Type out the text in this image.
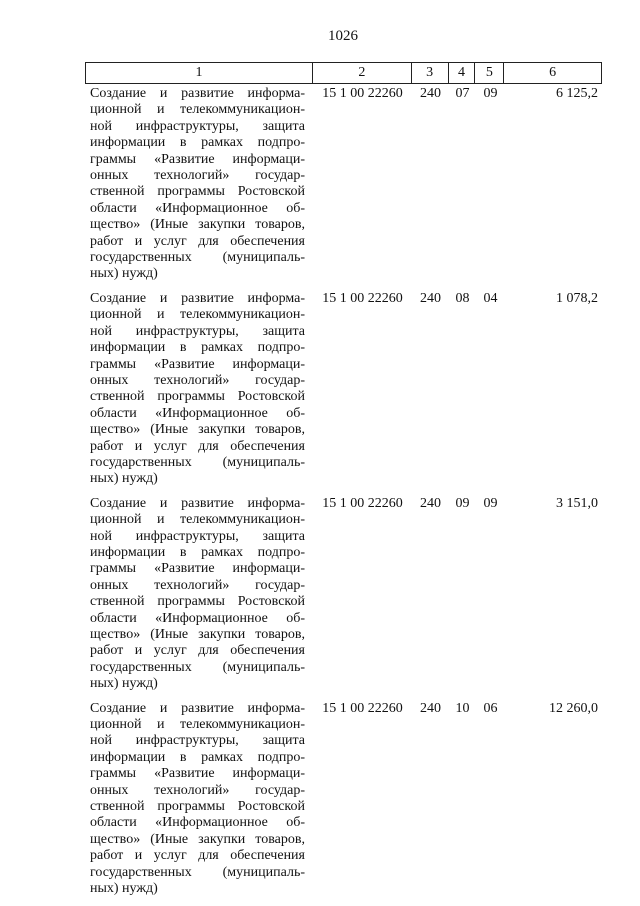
1026
1	2	3	4	5	6
Создание и развитие информа-
ционной и телекоммуникацион-
ной инфраструктуры, защита
информации в рамках подпро-
граммы «Развитие информаци-
онных технологий» государ-
ственной программы Ростовской
области «Информационное об-
щество» (Иные закупки товаров,
работ и услуг для обеспечения
государственных (муниципаль-
ных) нужд)
15 1 00 22260	240	07	09	6 125,2
Создание и развитие информа-
ционной и телекоммуникацион-
ной инфраструктуры, защита
информации в рамках подпро-
граммы «Развитие информаци-
онных технологий» государ-
ственной программы Ростовской
области «Информационное об-
щество» (Иные закупки товаров,
работ и услуг для обеспечения
государственных (муниципаль-
ных) нужд)
15 1 00 22260	240	08	04	1 078,2
Создание и развитие информа-
ционной и телекоммуникацион-
ной инфраструктуры, защита
информации в рамках подпро-
граммы «Развитие информаци-
онных технологий» государ-
ственной программы Ростовской
области «Информационное об-
щество» (Иные закупки товаров,
работ и услуг для обеспечения
государственных (муниципаль-
ных) нужд)
15 1 00 22260	240	09	09	3 151,0
Создание и развитие информа-
ционной и телекоммуникацион-
ной инфраструктуры, защита
информации в рамках подпро-
граммы «Развитие информаци-
онных технологий» государ-
ственной программы Ростовской
области «Информационное об-
щество» (Иные закупки товаров,
работ и услуг для обеспечения
государственных (муниципаль-
ных) нужд)
15 1 00 22260	240	10	06	12 260,0
